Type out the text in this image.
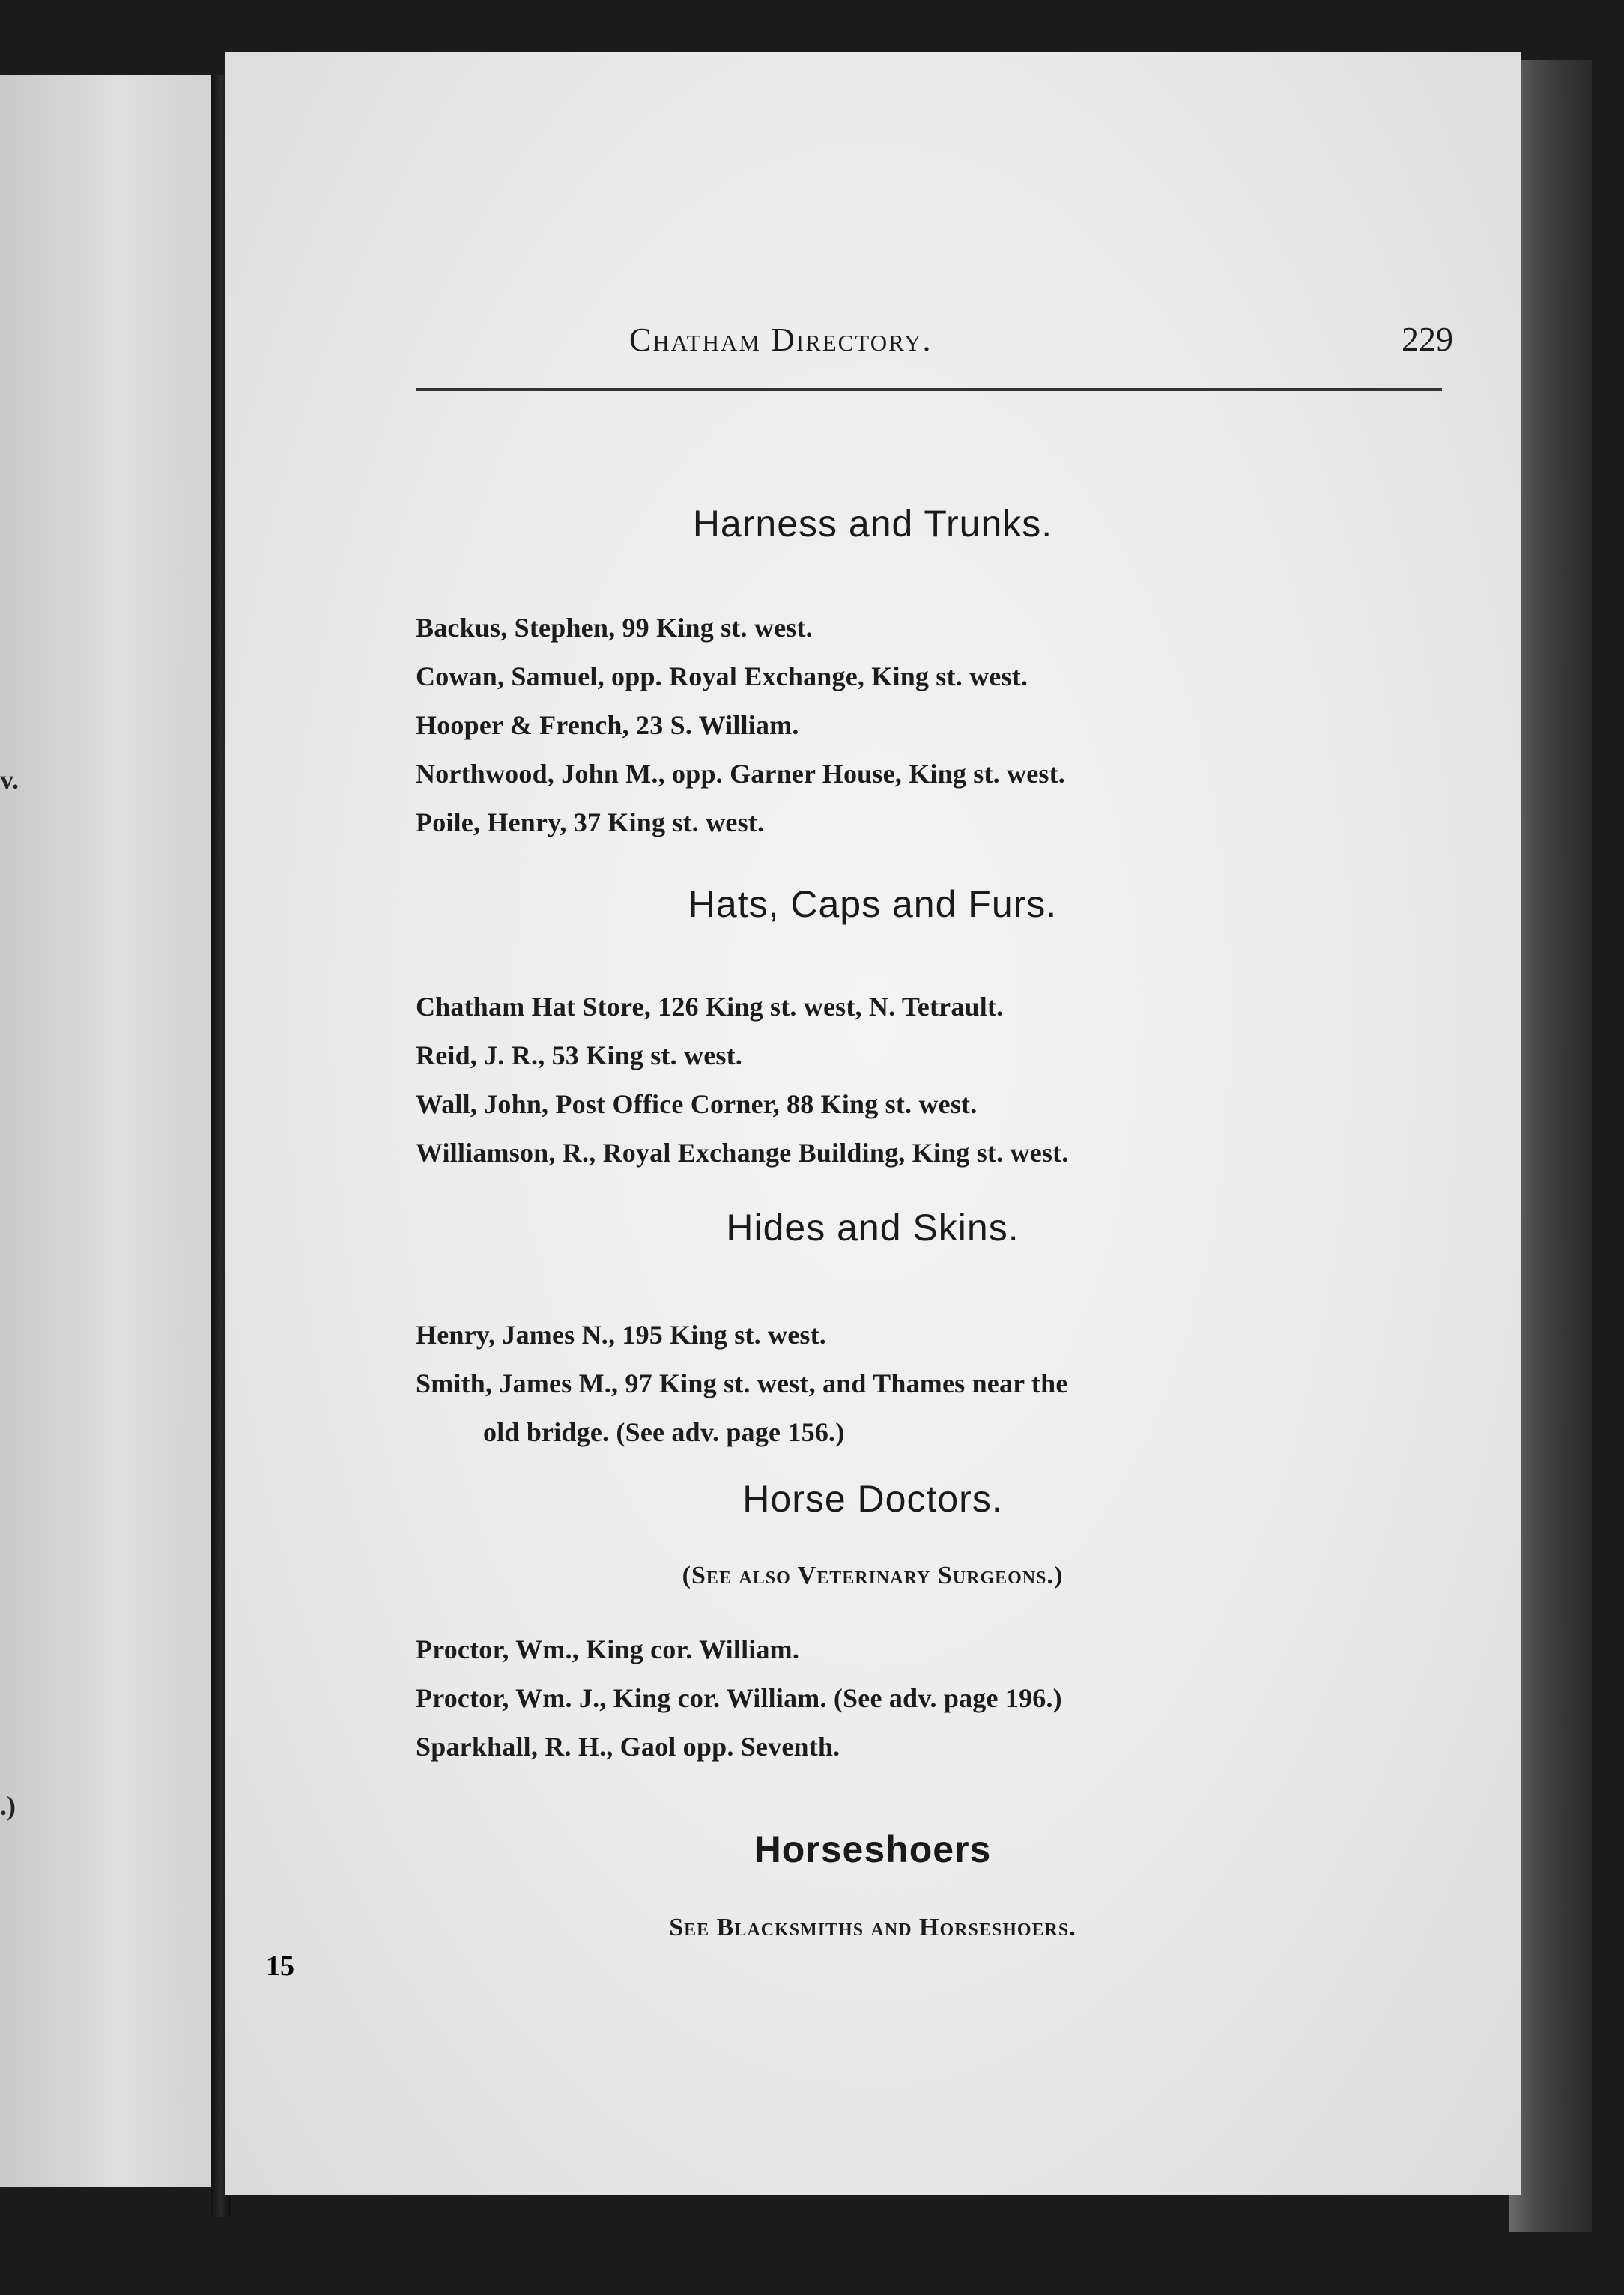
v.
.)
Chatham Directory.	229
Harness and Trunks.
Backus, Stephen, 99 King st. west.
Cowan, Samuel, opp. Royal Exchange, King st. west.
Hooper & French, 23 S. William.
Northwood, John M., opp. Garner House, King st. west.
Poile, Henry, 37 King st. west.
Hats, Caps and Furs.
Chatham Hat Store, 126 King st. west, N. Tetrault.
Reid, J. R., 53 King st. west.
Wall, John, Post Office Corner, 88 King st. west.
Williamson, R., Royal Exchange Building, King st. west.
Hides and Skins.
Henry, James N., 195 King st. west.
Smith, James M., 97 King st. west, and Thames near the
old bridge. (See adv. page 156.)
Horse Doctors.
(See also Veterinary Surgeons.)
Proctor, Wm., King cor. William.
Proctor, Wm. J., King cor. William. (See adv. page 196.)
Sparkhall, R. H., Gaol opp. Seventh.
Horseshoers
See Blacksmiths and Horseshoers.
15
